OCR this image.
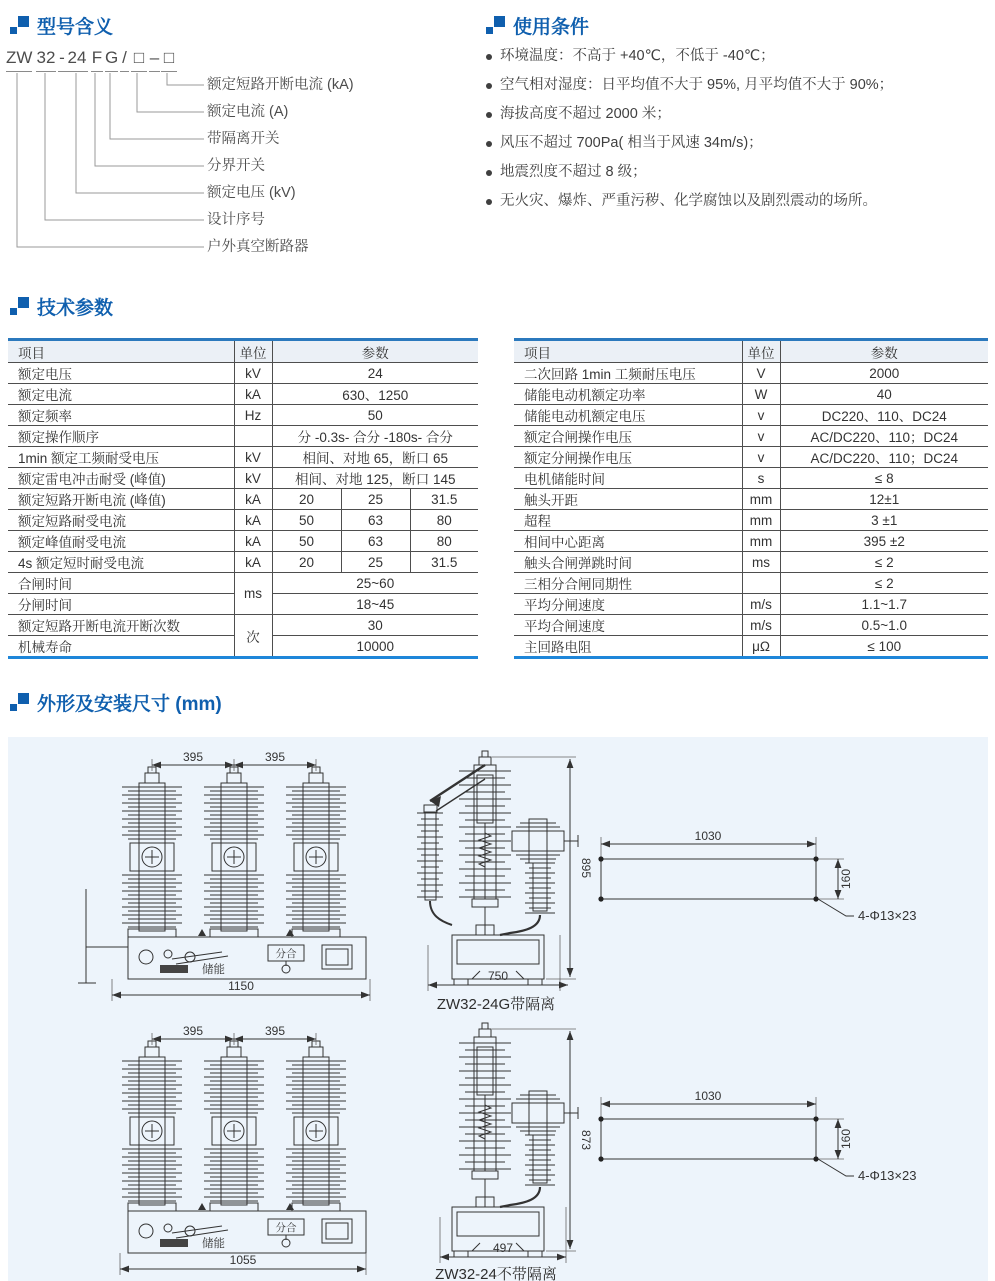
型号含义
ZW 32 - 24 F G / □ – □
额定短路开断电流 (kA)
额定电流 (A)
带隔离开关
分界开关
额定电压 (kV)
设计序号
户外真空断路器
使用条件
环境温度：不高于 +40℃，不低于 -40℃；
空气相对湿度：日平均值不大于 95%, 月平均值不大于 90%；
海拔高度不超过 2000 米；
风压不超过 700Pa( 相当于风速 34m/s)；
地震烈度不超过 8 级；
无火灾、爆炸、严重污秽、化学腐蚀以及剧烈震动的场所。
技术参数
项目	单位	参数		
额定电压	kV	24		
额定电流	kA	630、1250		
额定频率	Hz	50		
额定操作顺序		分 -0.3s- 合分 -180s- 合分		
1min 额定工频耐受电压	kV	相间、对地 65，断口 65		
额定雷电冲击耐受 (峰值)	kV	相间、对地 125，断口 145		
额定短路开断电流 (峰值)	kA	20	25	31.5
额定短路耐受电流	kA	50	63	80
额定峰值耐受电流	kA	50	63	80
4s 额定短时耐受电流	kA	20	25	31.5
合闸时间	ms	25~60		
分闸时间		18~45		
额定短路开断电流开断次数	次	30		
机械寿命		10000		
项目	单位	参数
二次回路 1min 工频耐压电压	V	2000
储能电动机额定功率	W	40
储能电动机额定电压	v	DC220、110、DC24
额定合闸操作电压	v	AC/DC220、110；DC24
额定分闸操作电压	v	AC/DC220、110；DC24
电机储能时间	s	≤ 8
触头开距	mm	12±1
超程	mm	3 ±1
相间中心距离	mm	395 ±2
触头合闸弹跳时间	ms	≤ 2
三相分合闸同期性		≤ 2
平均分闸速度	m/s	1.1~1.7
平均合闸速度	m/s	0.5~1.0
主回路电阻	μΩ	≤ 100
外形及安装尺寸 (mm)
395	395
1150
储能
分合
895
750
160
1030
4-Φ13×23
ZW32-24G带隔离
395	395
1055
储能
分合
873
497
160
1030
4-Φ13×23
ZW32-24不带隔离
